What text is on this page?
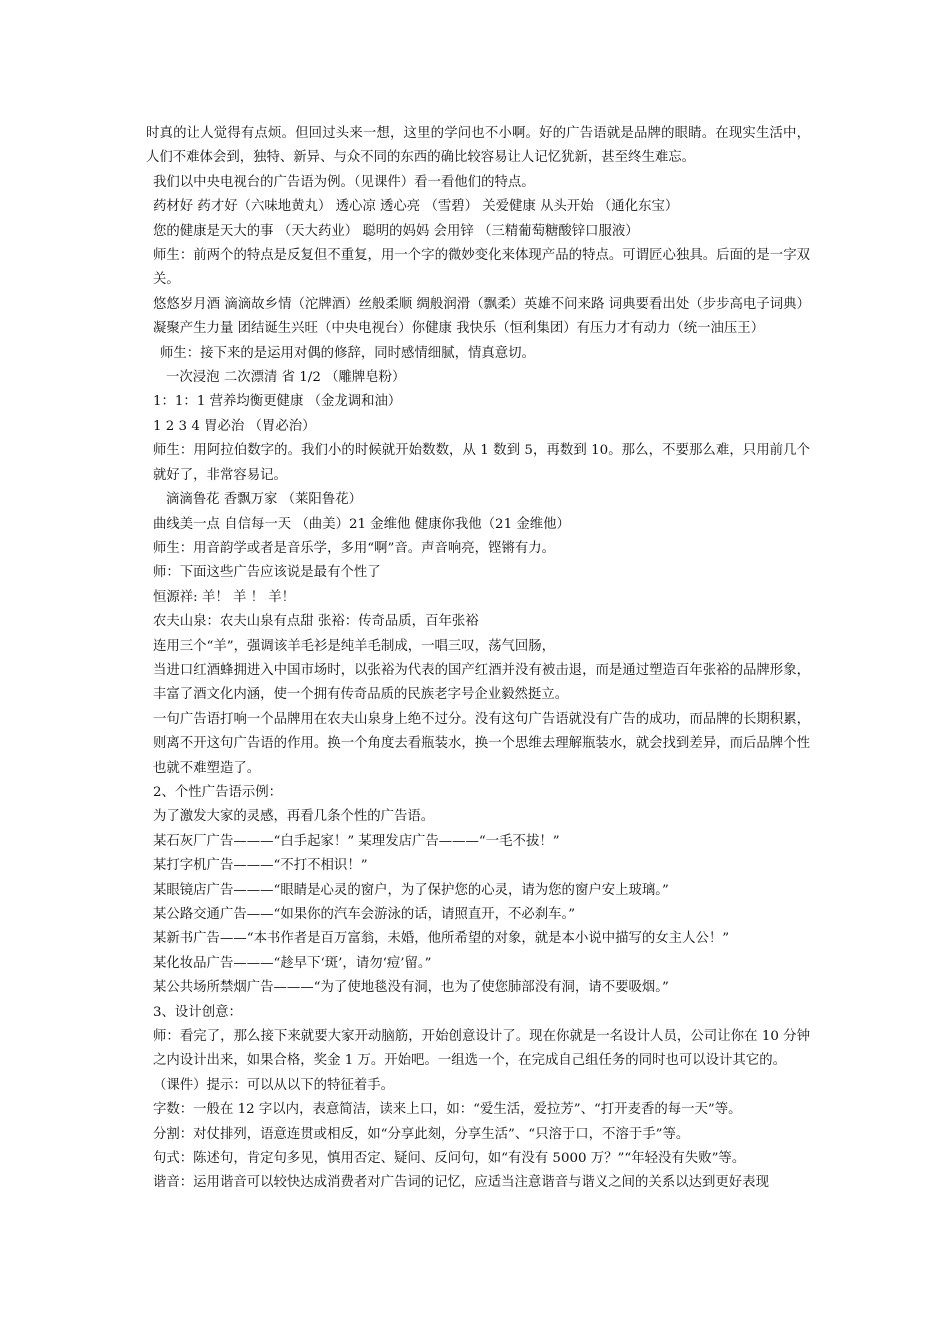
时真的让人觉得有点烦。但回过头来一想，这里的学问也不小啊。好的广告语就是品牌的眼睛。在现实生活中，人们不难体会到，独特、新异、与众不同的东西的确比较容易让人记忆犹新，甚至终生难忘。

我们以中央电视台的广告语为例。（见课件）看一看他们的特点。

药材好 药才好（六味地黄丸） 透心凉 透心亮 （雪碧） 关爱健康 从头开始 （通化东宝）

您的健康是天大的事 （天大药业） 聪明的妈妈 会用锌 （三精葡萄糖酸锌口服液）

师生：前两个的特点是反复但不重复，用一个字的微妙变化来体现产品的特点。可谓匠心独具。后面的是一字双关。

悠悠岁月酒 滴滴故乡情（沱牌酒）丝般柔顺 绸般润滑（飘柔）英雄不问来路 词典要看出处（步步高电子词典）凝聚产生力量 团结诞生兴旺（中央电视台）你健康 我快乐（恒利集团）有压力才有动力（统一油压王）

师生：接下来的是运用对偶的修辞，同时感情细腻，情真意切。

一次浸泡 二次漂清 省 1/2 （雕牌皂粉）

1：1：1 营养均衡更健康 （金龙调和油）

1 2 3 4 胃必治 （胃必治）

师生：用阿拉伯数字的。我们小的时候就开始数数，从 1 数到 5，再数到 10。那么，不要那么难，只用前几个就好了，非常容易记。

滴滴鲁花 香飘万家 （莱阳鲁花）

曲线美一点 自信每一天 （曲美）21 金维他 健康你我他（21 金维他）

师生：用音韵学或者是音乐学，多用“啊”音。声音响亮，铿锵有力。

师：下面这些广告应该说是最有个性了

恒源祥: 羊！ 羊 ！ 羊！

农夫山泉：农夫山泉有点甜 张裕：传奇品质，百年张裕

连用三个“羊”，强调该羊毛衫是纯羊毛制成，一唱三叹，荡气回肠，

当进口红酒蜂拥进入中国市场时，以张裕为代表的国产红酒并没有被击退，而是通过塑造百年张裕的品牌形象，丰富了酒文化内涵，使一个拥有传奇品质的民族老字号企业毅然挺立。

一句广告语打响一个品牌用在农夫山泉身上绝不过分。没有这句广告语就没有广告的成功，而品牌的长期积累，则离不开这句广告语的作用。换一个角度去看瓶装水，换一个思维去理解瓶装水，就会找到差异，而后品牌个性也就不难塑造了。

2、个性广告语示例：

为了激发大家的灵感，再看几条个性的广告语。

某石灰厂广告———“白手起家！” 某理发店广告———“一毛不拔！”

某打字机广告———“不打不相识！”

某眼镜店广告———“眼睛是心灵的窗户，为了保护您的心灵，请为您的窗户安上玻璃。”

某公路交通广告——“如果你的汽车会游泳的话，请照直开，不必刹车。”

某新书广告——“本书作者是百万富翁，未婚，他所希望的对象，就是本小说中描写的女主人公！”

某化妆品广告———“趁早下‘斑’，请勿‘痘’留。”

某公共场所禁烟广告———“为了使地毯没有洞，也为了使您肺部没有洞，请不要吸烟。”

3、设计创意：

师：看完了，那么接下来就要大家开动脑筋，开始创意设计了。现在你就是一名设计人员，公司让你在 10 分钟之内设计出来，如果合格，奖金 1 万。开始吧。一组选一个，在完成自己组任务的同时也可以设计其它的。

（课件）提示：可以从以下的特征着手。

字数：一般在 12 字以内，表意简洁，读来上口，如：“爱生活，爱拉芳”、“打开麦香的每一天”等。

分割：对仗排列，语意连贯或相反，如“分享此刻，分享生活”、“只溶于口，不溶于手”等。

句式：陈述句，肯定句多见，慎用否定、疑问、反问句，如“有没有 5000 万？”“年轻没有失败”等。

谐音：运用谐音可以较快达成消费者对广告词的记忆，应适当注意谐音与谐义之间的关系以达到更好表现
